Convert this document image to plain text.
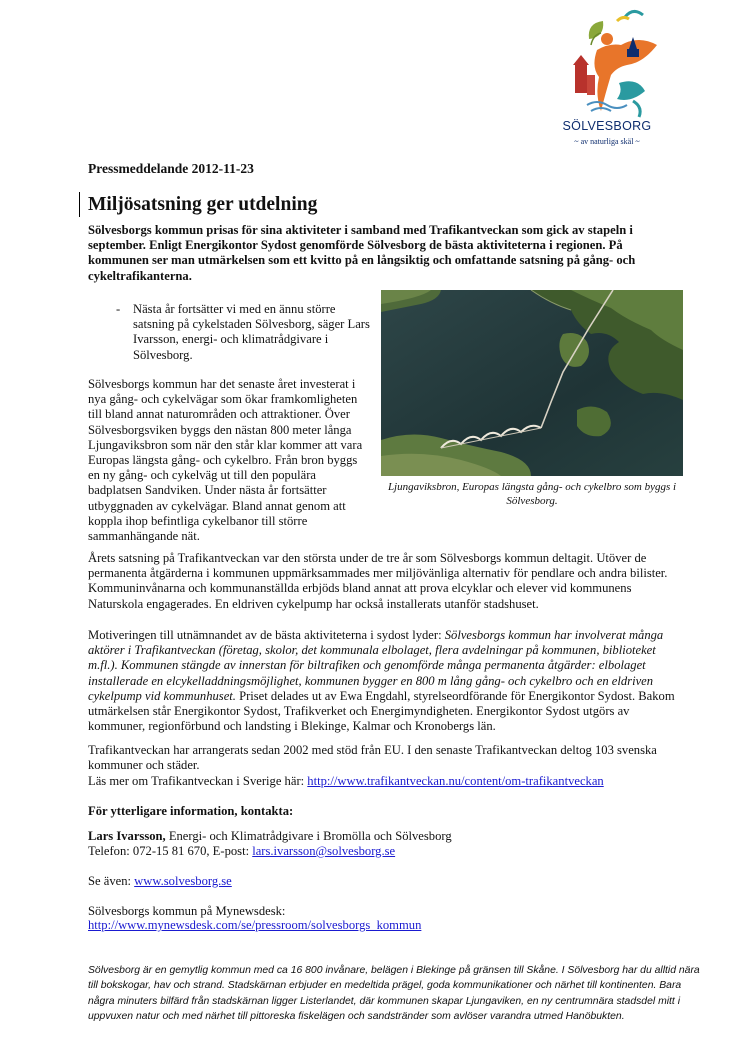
SÖLVESBORG
~ av naturliga skäl ~
Pressmeddelande 2012-11-23
Miljösatsning ger utdelning
Sölvesborgs kommun prisas för sina aktiviteter i samband med Trafikantveckan som gick av stapeln i september. Enligt Energikontor Sydost genomförde Sölvesborg de bästa aktiviteterna i regionen. På kommunen ser man utmärkelsen som ett kvitto på en långsiktig och omfattande satsning på gång- och cykeltrafikanterna.
- Nästa år fortsätter vi med en ännu större satsning på cykelstaden Sölvesborg, säger Lars Ivarsson, energi- och klimatrådgivare i Sölvesborg.
Sölvesborgs kommun har det senaste året investerat i nya gång- och cykelvägar som ökar framkomligheten till bland annat naturområden och attraktioner. Över Sölvesborgsviken byggs den nästan 800 meter långa Ljungaviksbron som när den står klar kommer att vara Europas längsta gång- och cykelbro. Från bron byggs en ny gång- och cykelväg ut till den populära badplatsen Sandviken. Under nästa år fortsätter utbyggnaden av cykelvägar. Bland annat genom att koppla ihop befintliga cykelbanor till större sammanhängande nät.
Ljungaviksbron, Europas längsta gång- och cykelbro som byggs i Sölvesborg.
Årets satsning på Trafikantveckan var den största under de tre år som Sölvesborgs kommun deltagit. Utöver de permanenta åtgärderna i kommunen uppmärksammades mer miljövänliga alternativ för pendlare och andra bilister. Kommuninvånarna och kommunanställda erbjöds bland annat att prova elcyklar och elever vid kommunens Naturskola engagerades. En eldriven cykelpump har också installerats utanför stadshuset.
Motiveringen till utnämnandet av de bästa aktiviteterna i sydost lyder: Sölvesborgs kommun har involverat många aktörer i Trafikantveckan (företag, skolor, det kommunala elbolaget, flera avdelningar på kommunen, biblioteket m.fl.). Kommunen stängde av innerstan för biltrafiken och genomförde många permanenta åtgärder: elbolaget installerade en elcykelladdningsmöjlighet, kommunen bygger en 800 m lång gång- och cykelbro och en eldriven cykelpump vid kommunhuset. Priset delades ut av Ewa Engdahl, styrelseordförande för Energikontor Sydost. Bakom utmärkelsen står Energikontor Sydost, Trafikverket och Energimyndigheten. Energikontor Sydost utgörs av kommuner, regionförbund och landsting i Blekinge, Kalmar och Kronobergs län.
Trafikantveckan har arrangerats sedan 2002 med stöd från EU. I den senaste Trafikantveckan deltog 103 svenska kommuner och städer.
Läs mer om Trafikantveckan i Sverige här: http://www.trafikantveckan.nu/content/om-trafikantveckan
För ytterligare information, kontakta:
Lars Ivarsson, Energi- och Klimatrådgivare i Bromölla och Sölvesborg
Telefon: 072-15 81 670, E-post: lars.ivarsson@solvesborg.se
Se även: www.solvesborg.se
Sölvesborgs kommun på Mynewsdesk:
http://www.mynewsdesk.com/se/pressroom/solvesborgs_kommun
Sölvesborg är en gemytlig kommun med ca 16 800 invånare, belägen i Blekinge på gränsen till Skåne. I Sölvesborg har du alltid nära till bokskogar, hav och strand. Stadskärnan erbjuder en medeltida prägel, goda kommunikationer och närhet till kontinenten. Bara några minuters bilfärd från stadskärnan ligger Listerlandet, där kommunen skapar Ljungaviken, en ny centrumnära stadsdel mitt i uppvuxen natur och med närhet till pittoreska fiskelägen och sandstränder som avlöser varandra utmed Hanöbukten.
